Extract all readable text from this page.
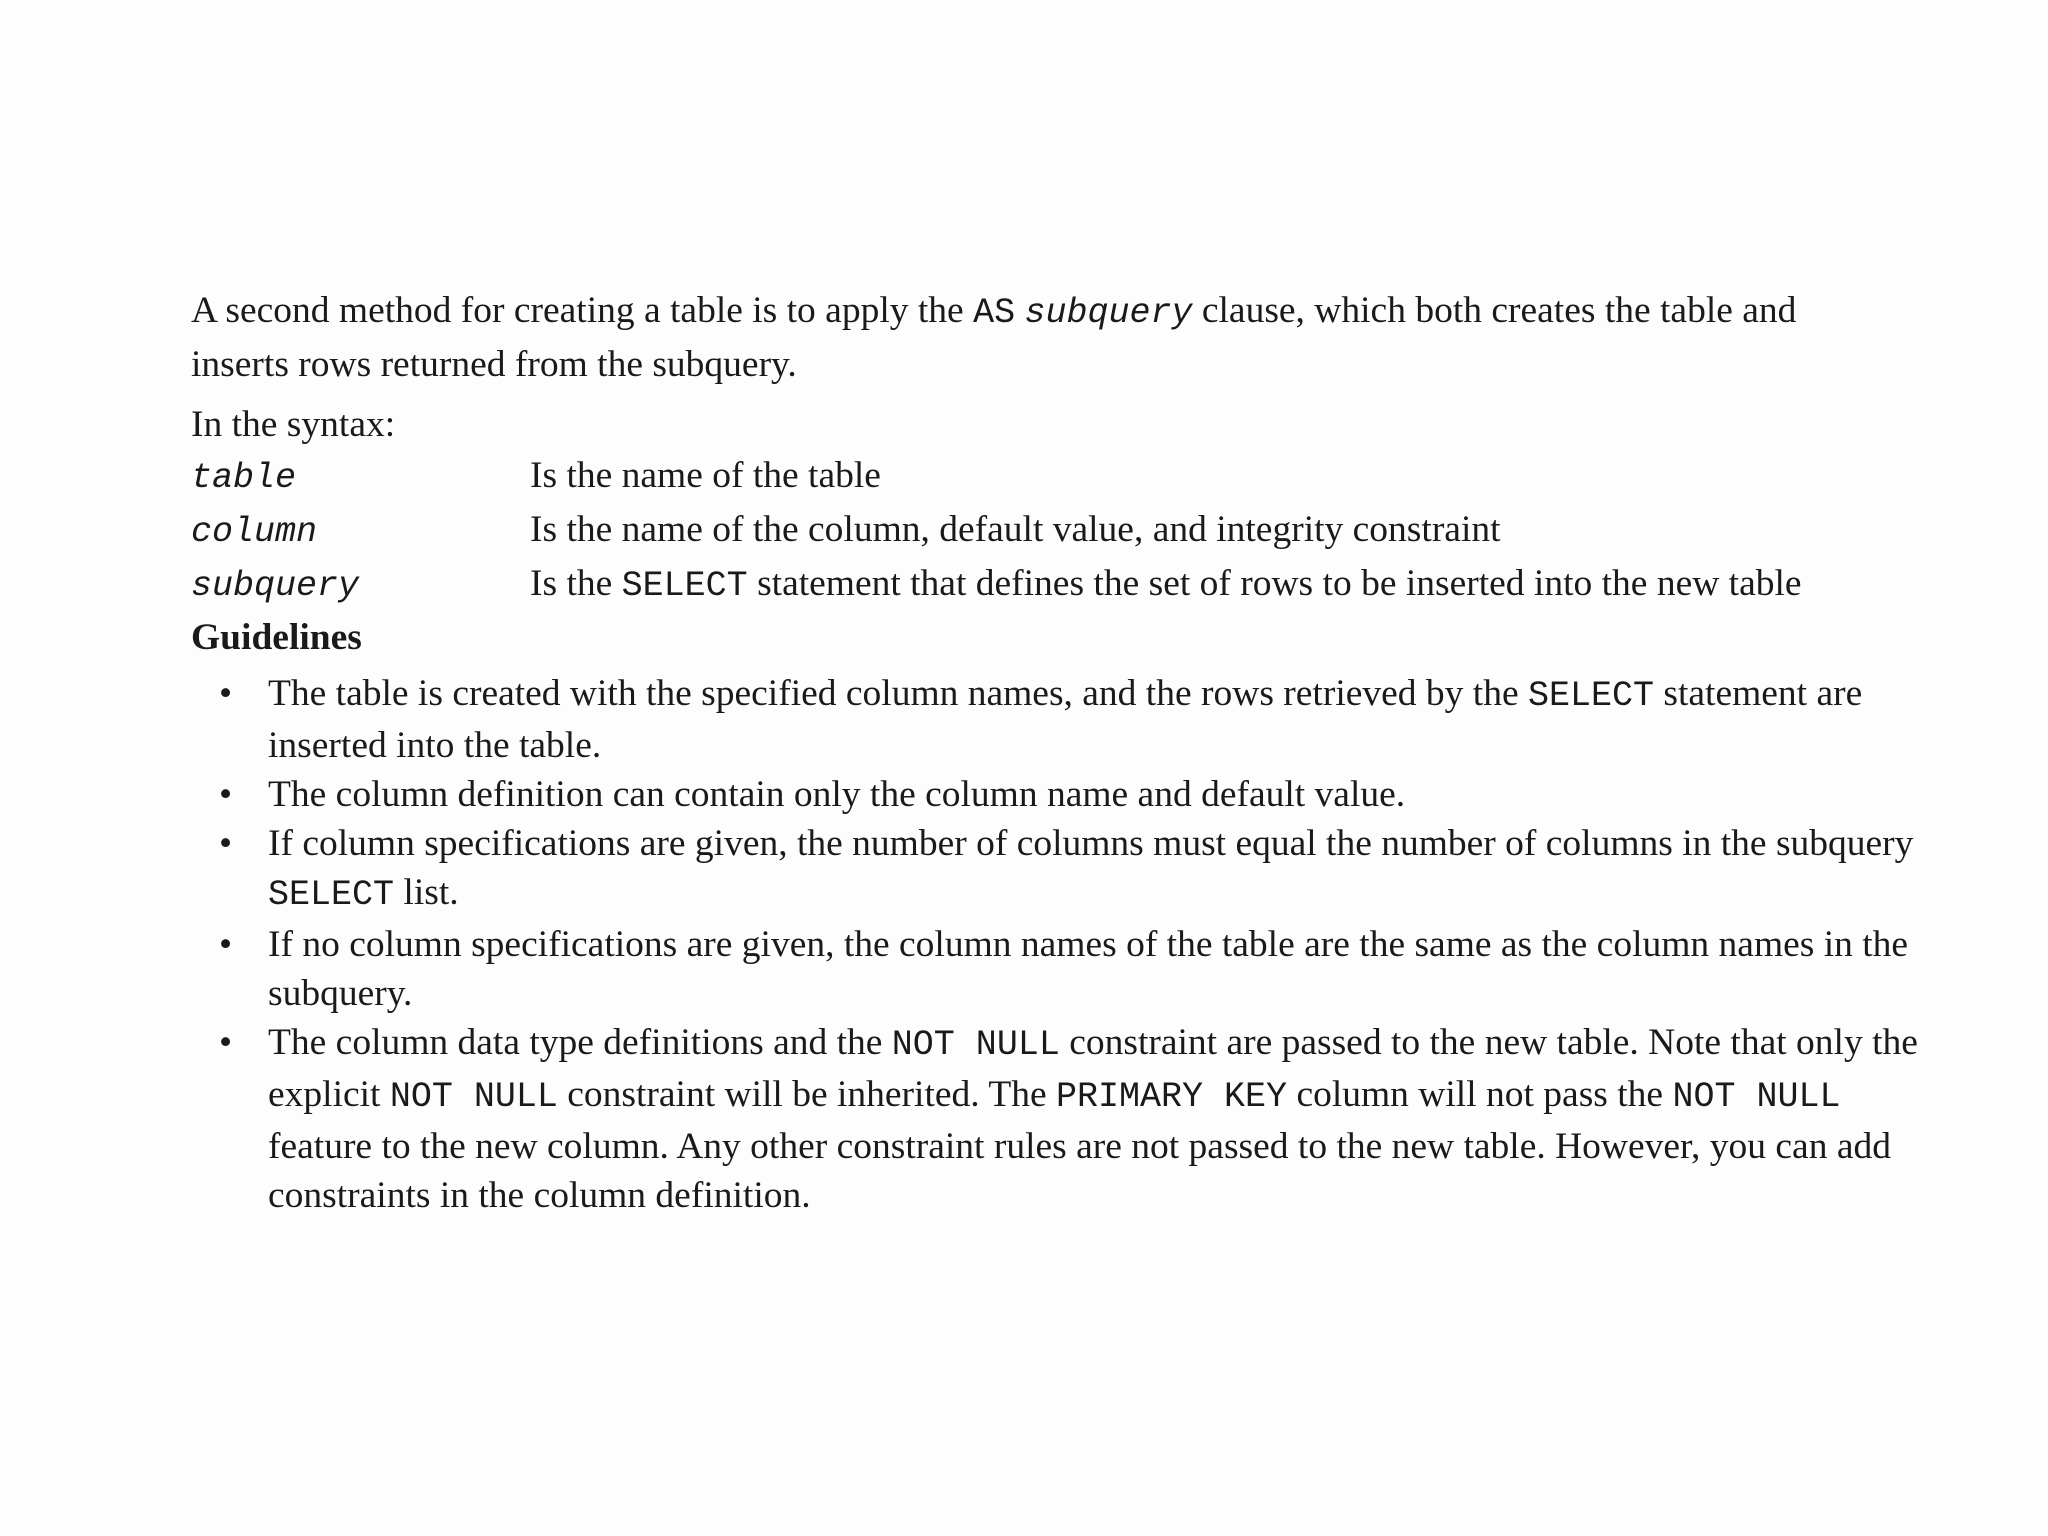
A second method for creating a table is to apply the AS subquery clause, which both creates the table and inserts rows returned from the subquery.

In the syntax:

table	Is the name of the table
column	Is the name of the column, default value, and integrity constraint
subquery	Is the SELECT statement that defines the set of rows to be inserted into the new table

Guidelines

• The table is created with the specified column names, and the rows retrieved by the SELECT statement are inserted into the table.
• The column definition can contain only the column name and default value.
• If column specifications are given, the number of columns must equal the number of columns in the subquery SELECT list.
• If no column specifications are given, the column names of the table are the same as the column names in the subquery.
• The column data type definitions and the NOT NULL constraint are passed to the new table. Note that only the explicit NOT NULL constraint will be inherited. The PRIMARY KEY column will not pass the NOT NULL feature to the new column. Any other constraint rules are not passed to the new table. However, you can add constraints in the column definition.
